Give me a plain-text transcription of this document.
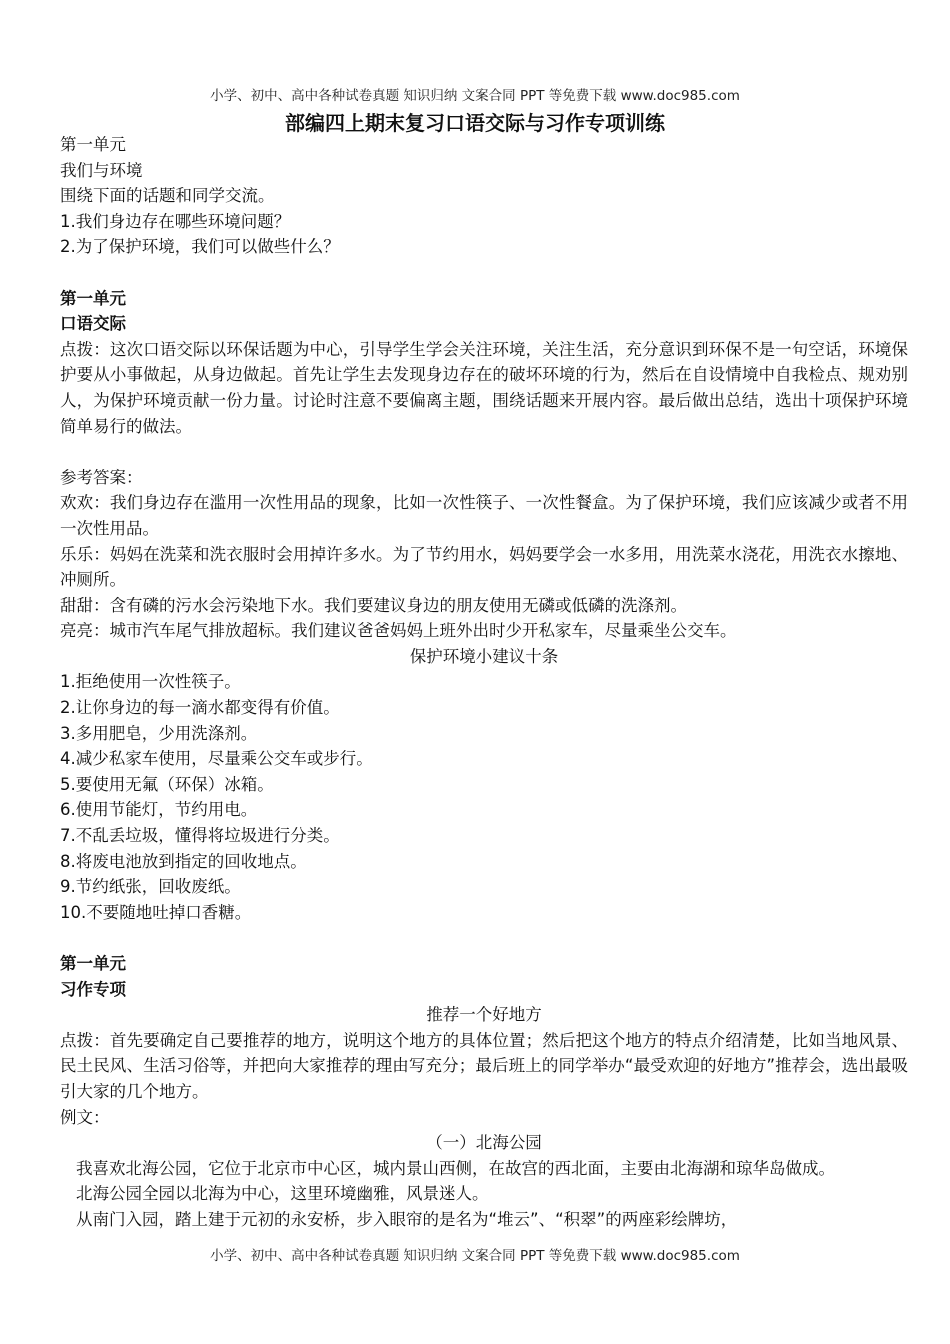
小学、初中、高中各种试卷真题 知识归纳 文案合同 PPT 等免费下载 www.doc985.com
部编四上期末复习口语交际与习作专项训练

第一单元

我们与环境

围绕下面的话题和同学交流。

1.我们身边存在哪些环境问题？

2.为了保护环境，我们可以做些什么？

第一单元

口语交际

点拨：这次口语交际以环保话题为中心，引导学生学会关注环境，关注生活，充分意识到环保不是一句空话，环境保护要从小事做起，从身边做起。首先让学生去发现身边存在的破坏环境的行为，然后在自设情境中自我检点、规劝别人，为保护环境贡献一份力量。讨论时注意不要偏离主题，围绕话题来开展内容。最后做出总结，选出十项保护环境简单易行的做法。

参考答案：

欢欢：我们身边存在滥用一次性用品的现象，比如一次性筷子、一次性餐盒。为了保护环境，我们应该减少或者不用一次性用品。

乐乐：妈妈在洗菜和洗衣服时会用掉许多水。为了节约用水，妈妈要学会一水多用，用洗菜水浇花，用洗衣水擦地、冲厕所。

甜甜：含有磷的污水会污染地下水。我们要建议身边的朋友使用无磷或低磷的洗涤剂。

亮亮：城市汽车尾气排放超标。我们建议爸爸妈妈上班外出时少开私家车，尽量乘坐公交车。

保护环境小建议十条

1.拒绝使用一次性筷子。

2.让你身边的每一滴水都变得有价值。

3.多用肥皂，少用洗涤剂。

4.减少私家车使用，尽量乘公交车或步行。

5.要使用无氟（环保）冰箱。

6.使用节能灯，节约用电。

7.不乱丢垃圾，懂得将垃圾进行分类。

8.将废电池放到指定的回收地点。

9.节约纸张，回收废纸。

10.不要随地吐掉口香糖。

第一单元

习作专项

推荐一个好地方

点拨：首先要确定自己要推荐的地方，说明这个地方的具体位置；然后把这个地方的特点介绍清楚，比如当地风景、民土民风、生活习俗等，并把向大家推荐的理由写充分；最后班上的同学举办“最受欢迎的好地方”推荐会，选出最吸引大家的几个地方。

例文：

（一）北海公园

我喜欢北海公园，它位于北京市中心区，城内景山西侧，在故宫的西北面，主要由北海湖和琼华岛做成。

北海公园全园以北海为中心，这里环境幽雅，风景迷人。

从南门入园，踏上建于元初的永安桥，步入眼帘的是名为“堆云”、“积翠”的两座彩绘牌坊，

小学、初中、高中各种试卷真题 知识归纳 文案合同 PPT 等免费下载 www.doc985.com
